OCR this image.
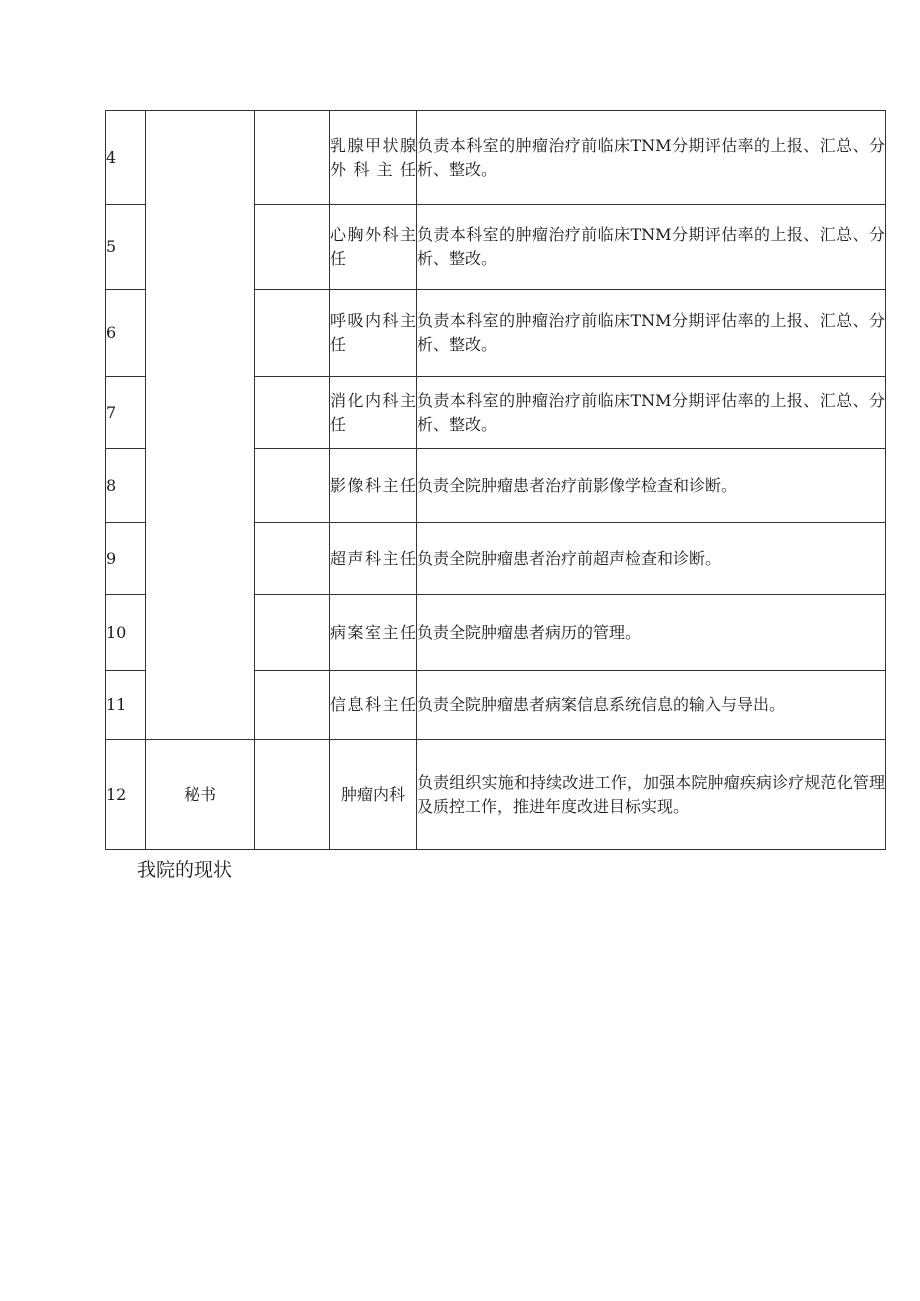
4			乳腺甲状腺外科主任	负责本科室的肿瘤治疗前临床TNM分期评估率的上报、汇总、分析、整改。
5			心胸外科主任	负责本科室的肿瘤治疗前临床TNM分期评估率的上报、汇总、分析、整改。
6			呼吸内科主任	负责本科室的肿瘤治疗前临床TNM分期评估率的上报、汇总、分析、整改。
7			消化内科主任	负责本科室的肿瘤治疗前临床TNM分期评估率的上报、汇总、分析、整改。
8			影像科主任	负责全院肿瘤患者治疗前影像学检查和诊断。
9			超声科主任	负责全院肿瘤患者治疗前超声检查和诊断。
10			病案室主任	负责全院肿瘤患者病历的管理。
11			信息科主任	负责全院肿瘤患者病案信息系统信息的输入与导出。
12	秘书		肿瘤内科	负责组织实施和持续改进工作，加强本院肿瘤疾病诊疗规范化管理及质控工作，推进年度改进目标实现。
我院的现状
